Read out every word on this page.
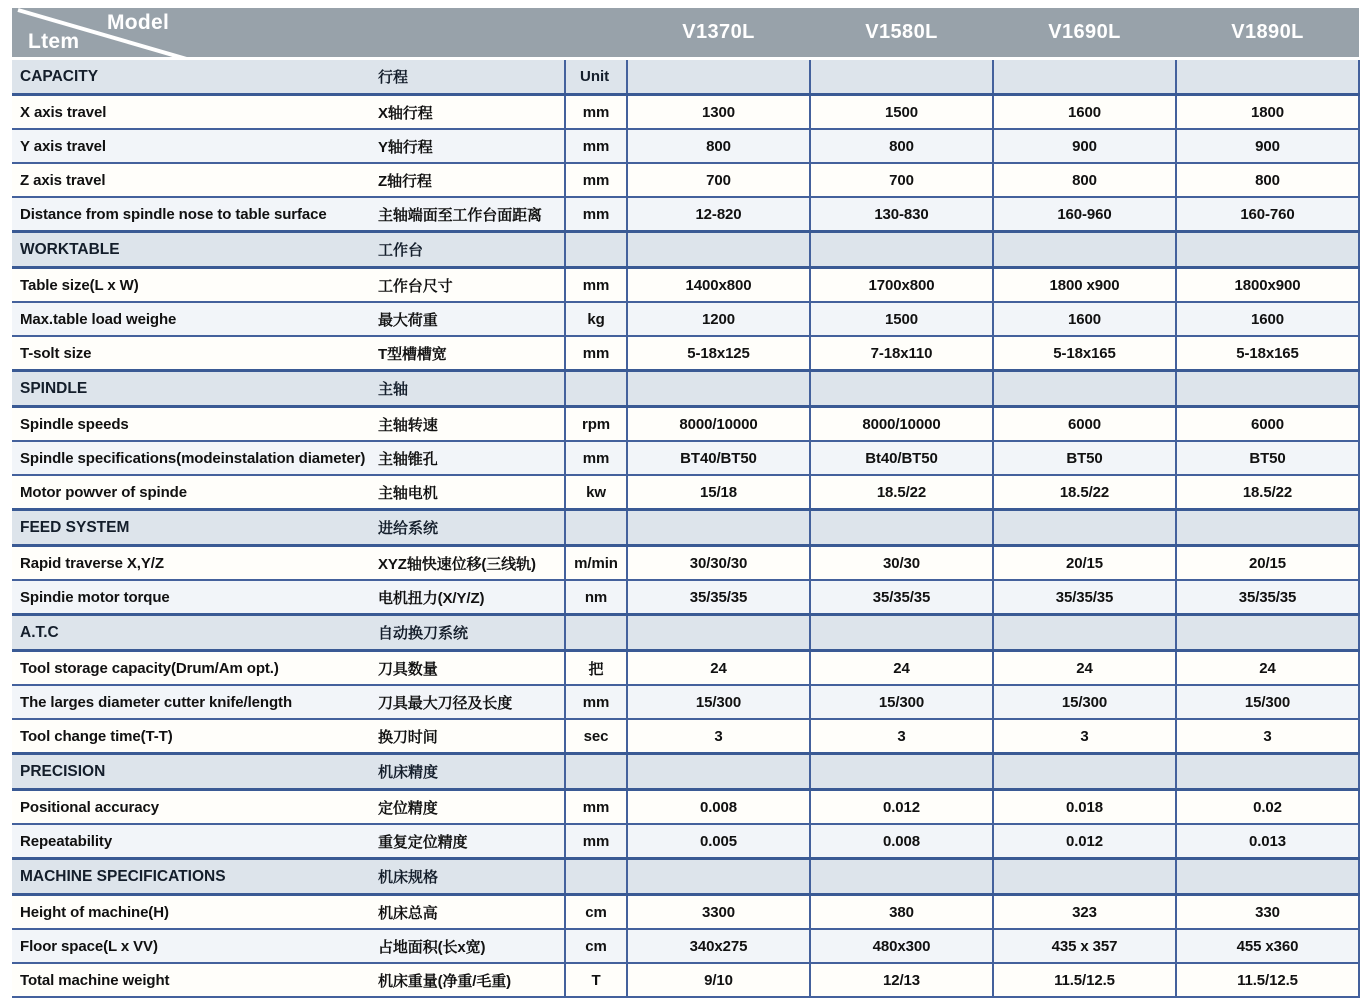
Model
Ltem			V1370L	V1580L	V1690L	V1890L
CAPACITY	行程	Unit				
X axis travel	X轴行程	mm	1300	1500	1600	1800
Y axis travel	Y轴行程	mm	800	800	900	900
Z axis travel	Z轴行程	mm	700	700	800	800
Distance from spindle nose to table surface	主轴端面至工作台面距离	mm	12-820	130-830	160-960	160-760
WORKTABLE	工作台					
Table size(L x W)	工作台尺寸	mm	1400x800	1700x800	1800 x900	1800x900
Max.table load weighe	最大荷重	kg	1200	1500	1600	1600
T-solt size	T型槽槽宽	mm	5-18x125	7-18x110	5-18x165	5-18x165
SPINDLE	主轴					
Spindle speeds	主轴转速	rpm	8000/10000	8000/10000	6000	6000
Spindle specifications(modeinstalation diameter)	主轴锥孔	mm	BT40/BT50	Bt40/BT50	BT50	BT50
Motor powver of spinde	主轴电机	kw	15/18	18.5/22	18.5/22	18.5/22
FEED SYSTEM	进给系统					
Rapid traverse X,Y/Z	XYZ轴快速位移(三线轨)	m/min	30/30/30	30/30	20/15	20/15
Spindie motor torque	电机扭力(X/Y/Z)	nm	35/35/35	35/35/35	35/35/35	35/35/35
A.T.C	自动换刀系统					
Tool storage capacity(Drum/Am opt.)	刀具数量	把	24	24	24	24
The larges diameter cutter knife/length	刀具最大刀径及长度	mm	15/300	15/300	15/300	15/300
Tool change time(T-T)	换刀时间	sec	3	3	3	3
PRECISION	机床精度					
Positional accuracy	定位精度	mm	0.008	0.012	0.018	0.02
Repeatability	重复定位精度	mm	0.005	0.008	0.012	0.013
MACHINE SPECIFICATIONS	机床规格					
Height of machine(H)	机床总高	cm	3300	380	323	330
Floor space(L x VV)	占地面积(长x宽)	cm	340x275	480x300	435 x 357	455 x360
Total machine weight	机床重量(净重/毛重)	T	9/10	12/13	11.5/12.5	11.5/12.5
